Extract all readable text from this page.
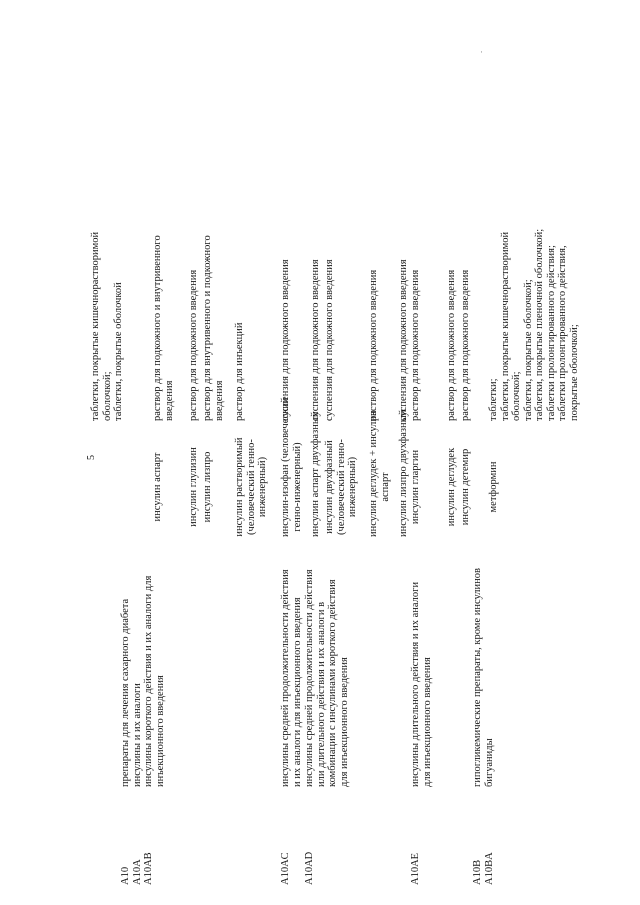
·
5
A10 A10A A10AB
препараты для лечения сахарного диабета инсулины и их аналоги инсулины короткого действия и их аналоги для инъекционного введения
A10AC
инсулины средней продолжительности действия и их аналоги для инъекционного введения
A10AD
инсулины средней продолжительности действия или длительного действия и их аналоги в комбинации с инсулинами короткого действия для инъекционного введения
A10AE
инсулины длительного действия и их аналоги для инъекционного введения
A10B A10BA
гипогликемические препараты, кроме инсулинов бигуаниды
таблетки, покрытые кишечнорастворимой оболочкой; таблетки, покрытые оболочкой
инсулин аспарт
раствор для подкожного и внутривенного введения
инсулин глулизин
раствор для подкожного введения
инсулин лизпро
раствор для внутривенного и подкожного введения
инсулин растворимый (человеческий генно- инженерный)
раствор для инъекций
инсулин-изофан (человеческий генно-инженерный)
суспензия для подкожного введения
инсулин аспарт двухфазный
суспензия для подкожного введения
инсулин двухфазный (человеческий генно- инженерный)
суспензия для подкожного введения
инсулин деглудек + инсулин аспарт
раствор для подкожного введения
инсулин лизпро двухфазный
суспензия для подкожного введения
инсулин гларгин
раствор для подкожного введения
инсулин деглудек
раствор для подкожного введения
инсулин детемир
раствор для подкожного введения
метформин
таблетки; таблетки, покрытые кишечнорастворимой оболочкой; таблетки, покрытые оболочкой; таблетки, покрытые пленочной оболочкой; таблетки пролонгированного действия; таблетки пролонгированного действия, покрытые оболочкой;
